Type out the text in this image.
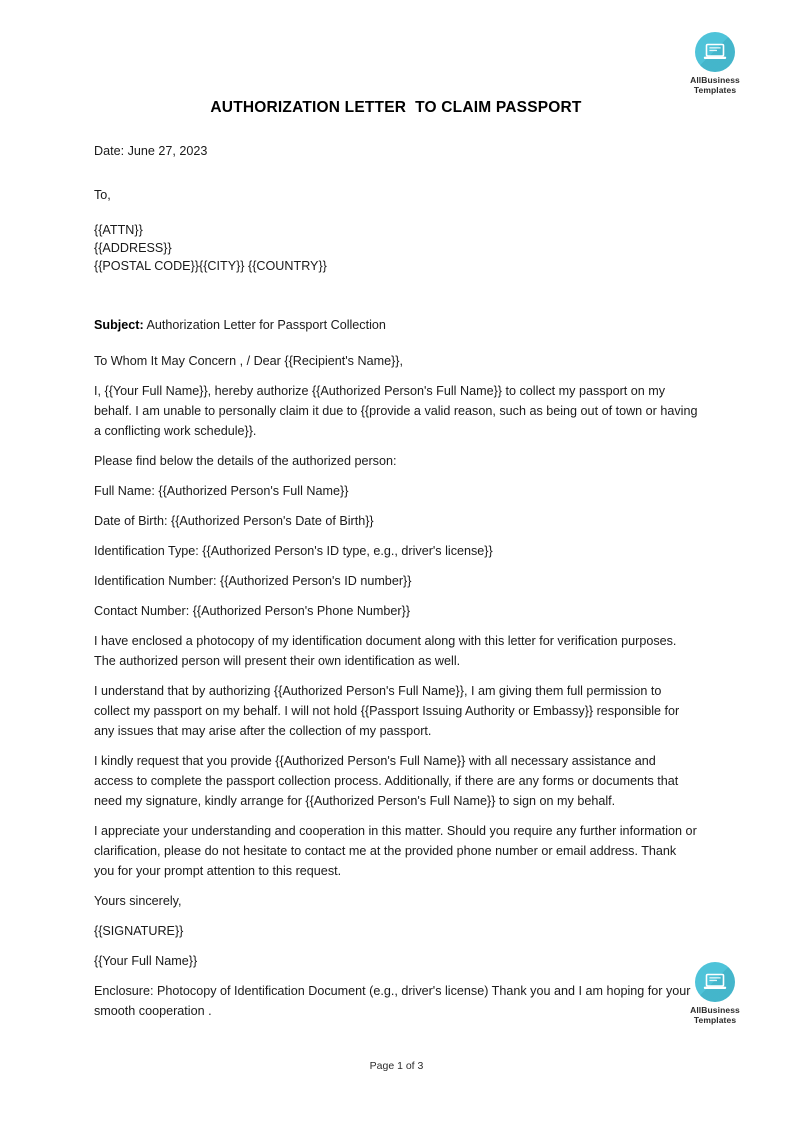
AllBusiness
Templates
AllBusiness
Templates
AUTHORIZATION LETTER  TO CLAIM PASSPORT

Date: June 27, 2023

To,

{{ATTN}}

{{ADDRESS}}

{{POSTAL CODE}}{{CITY}} {{COUNTRY}}

Subject: Authorization Letter for Passport Collection

To Whom It May Concern , / Dear {{Recipient's Name}},

I, {{Your Full Name}}, hereby authorize {{Authorized Person's Full Name}} to collect my passport on my behalf. I am unable to personally claim it due to {{provide a valid reason, such as being out of town or having a conflicting work schedule}}.

Please find below the details of the authorized person:

Full Name: {{Authorized Person's Full Name}}

Date of Birth: {{Authorized Person's Date of Birth}}

Identification Type: {{Authorized Person's ID type, e.g., driver's license}}

Identification Number: {{Authorized Person's ID number}}

Contact Number: {{Authorized Person's Phone Number}}

I have enclosed a photocopy of my identification document along with this letter for verification purposes. The authorized person will present their own identification as well.

I understand that by authorizing {{Authorized Person's Full Name}}, I am giving them full permission to collect my passport on my behalf. I will not hold {{Passport Issuing Authority or Embassy}} responsible for any issues that may arise after the collection of my passport.

I kindly request that you provide {{Authorized Person's Full Name}} with all necessary assistance and access to complete the passport collection process. Additionally, if there are any forms or documents that need my signature, kindly arrange for {{Authorized Person's Full Name}} to sign on my behalf.

I appreciate your understanding and cooperation in this matter. Should you require any further information or clarification, please do not hesitate to contact me at the provided phone number or email address. Thank you for your prompt attention to this request.

Yours sincerely,

{{SIGNATURE}}

{{Your Full Name}}

Enclosure: Photocopy of Identification Document (e.g., driver's license) Thank you and I am hoping for your smooth cooperation .

Page 1 of 3
